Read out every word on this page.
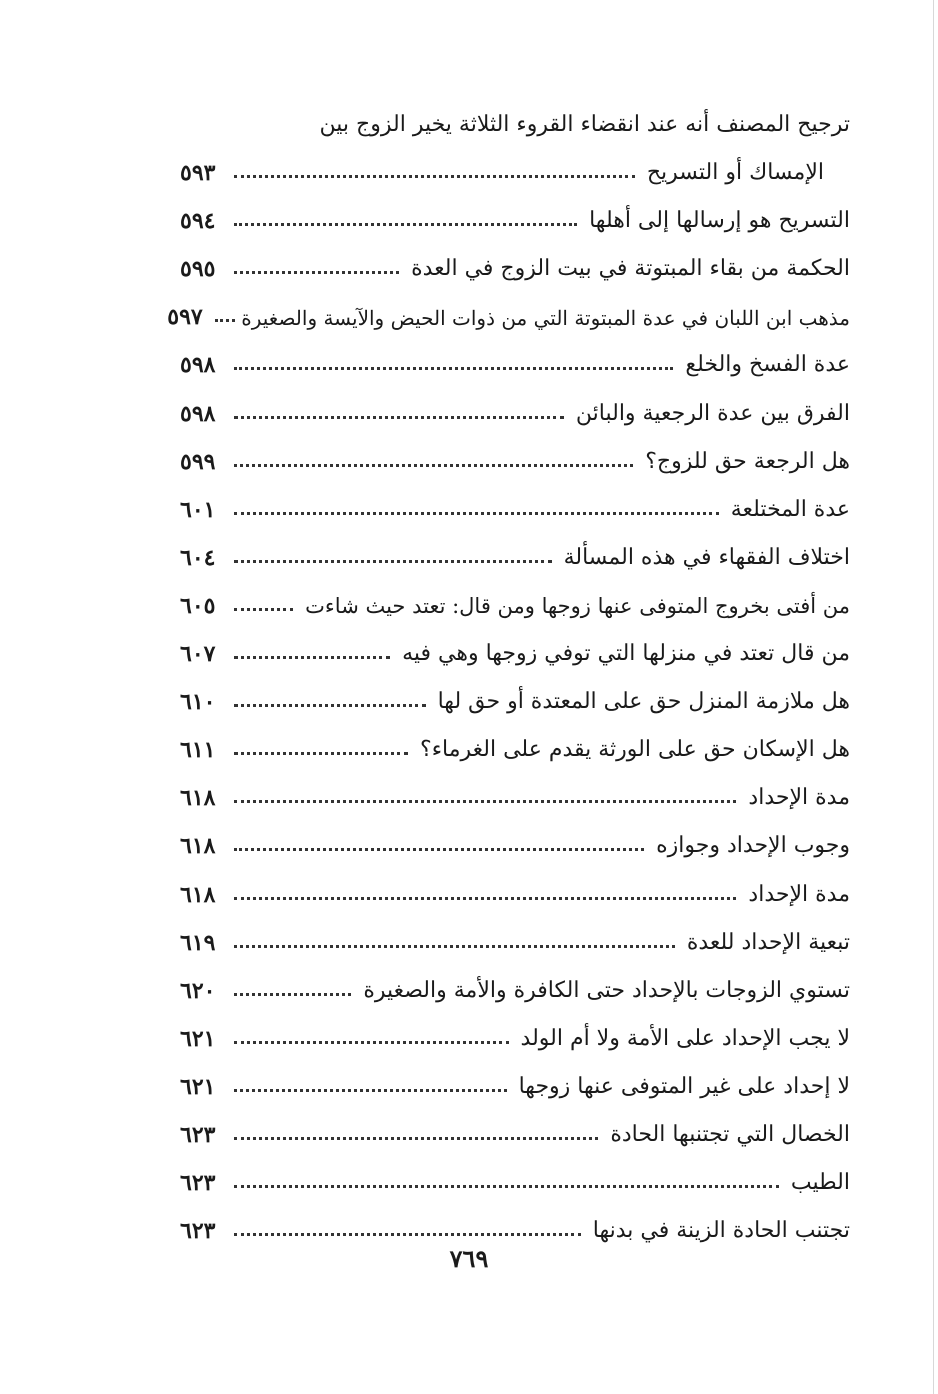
ترجيح المصنف أنه عند انقضاء القروء الثلاثة يخير الزوج بين
الإمساك أو التسريح
٥٩٣
التسريح هو إرسالها إلى أهلها
٥٩٤
الحكمة من بقاء المبتوتة في بيت الزوج في العدة
٥٩٥
مذهب ابن اللبان في عدة المبتوتة التي من ذوات الحيض والآيسة والصغيرة
٥٩٧
عدة الفسخ والخلع
٥٩٨
الفرق بين عدة الرجعية والبائن
٥٩٨
هل الرجعة حق للزوج؟
٥٩٩
عدة المختلعة
٦٠١
اختلاف الفقهاء في هذه المسألة
٦٠٤
من أفتى بخروج المتوفى عنها زوجها ومن قال: تعتد حيث شاءت
٦٠٥
من قال تعتد في منزلها التي توفي زوجها وهي فيه
٦٠٧
هل ملازمة المنزل حق على المعتدة أو حق لها
٦١٠
هل الإسكان حق على الورثة يقدم على الغرماء؟
٦١١
مدة الإحداد
٦١٨
وجوب الإحداد وجوازه
٦١٨
مدة الإحداد
٦١٨
تبعية الإحداد للعدة
٦١٩
تستوي الزوجات بالإحداد حتى الكافرة والأمة والصغيرة
٦٢٠
لا يجب الإحداد على الأمة ولا أم الولد
٦٢١
لا إحداد على غير المتوفى عنها زوجها
٦٢١
الخصال التي تجتنبها الحادة
٦٢٣
الطيب
٦٢٣
تجتنب الحادة الزينة في بدنها
٦٢٣
٧٦٩
